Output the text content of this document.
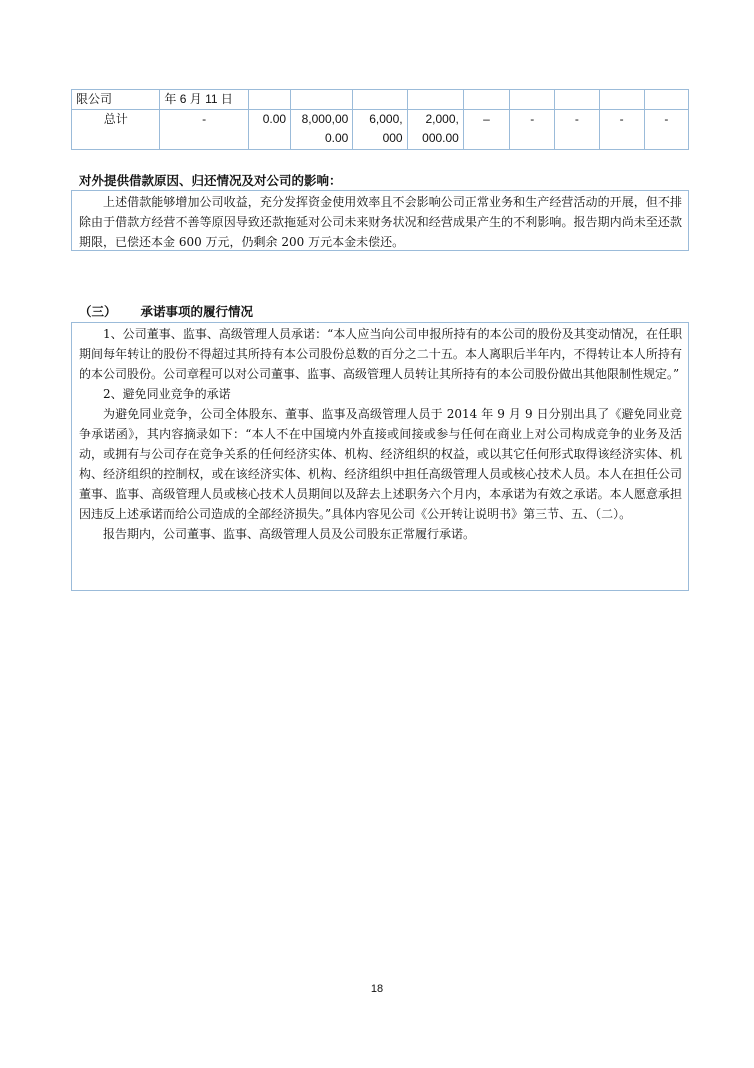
限公司	年 6 月 11 日									
总计	-	0.00	8,000,00 0.00	6,000, 000	2,000, 000.00	–	-	-	-	-
对外提供借款原因、归还情况及对公司的影响：

上述借款能够增加公司收益，充分发挥资金使用效率且不会影响公司正常业务和生产经营活动的开展，但不排除由于借款方经营不善等原因导致还款拖延对公司未来财务状况和经营成果产生的不利影响。报告期内尚未至还款期限，已偿还本金 600 万元，仍剩余 200 万元本金未偿还。

（三） 承诺事项的履行情况

1、公司董事、监事、高级管理人员承诺：“本人应当向公司申报所持有的本公司的股份及其变动情况，在任职期间每年转让的股份不得超过其所持有本公司股份总数的百分之二十五。本人离职后半年内，不得转让本人所持有的本公司股份。公司章程可以对公司董事、监事、高级管理人员转让其所持有的本公司股份做出其他限制性规定。”

2、避免同业竞争的承诺

为避免同业竞争，公司全体股东、董事、监事及高级管理人员于 2014 年 9 月 9 日分别出具了《避免同业竞争承诺函》，其内容摘录如下：“本人不在中国境内外直接或间接或参与任何在商业上对公司构成竞争的业务及活动，或拥有与公司存在竞争关系的任何经济实体、机构、经济组织的权益，或以其它任何形式取得该经济实体、机构、经济组织的控制权，或在该经济实体、机构、经济组织中担任高级管理人员或核心技术人员。本人在担任公司董事、监事、高级管理人员或核心技术人员期间以及辞去上述职务六个月内，本承诺为有效之承诺。本人愿意承担因违反上述承诺而给公司造成的全部经济损失。”具体内容见公司《公开转让说明书》第三节、五、（二）。

报告期内，公司董事、监事、高级管理人员及公司股东正常履行承诺。

18
